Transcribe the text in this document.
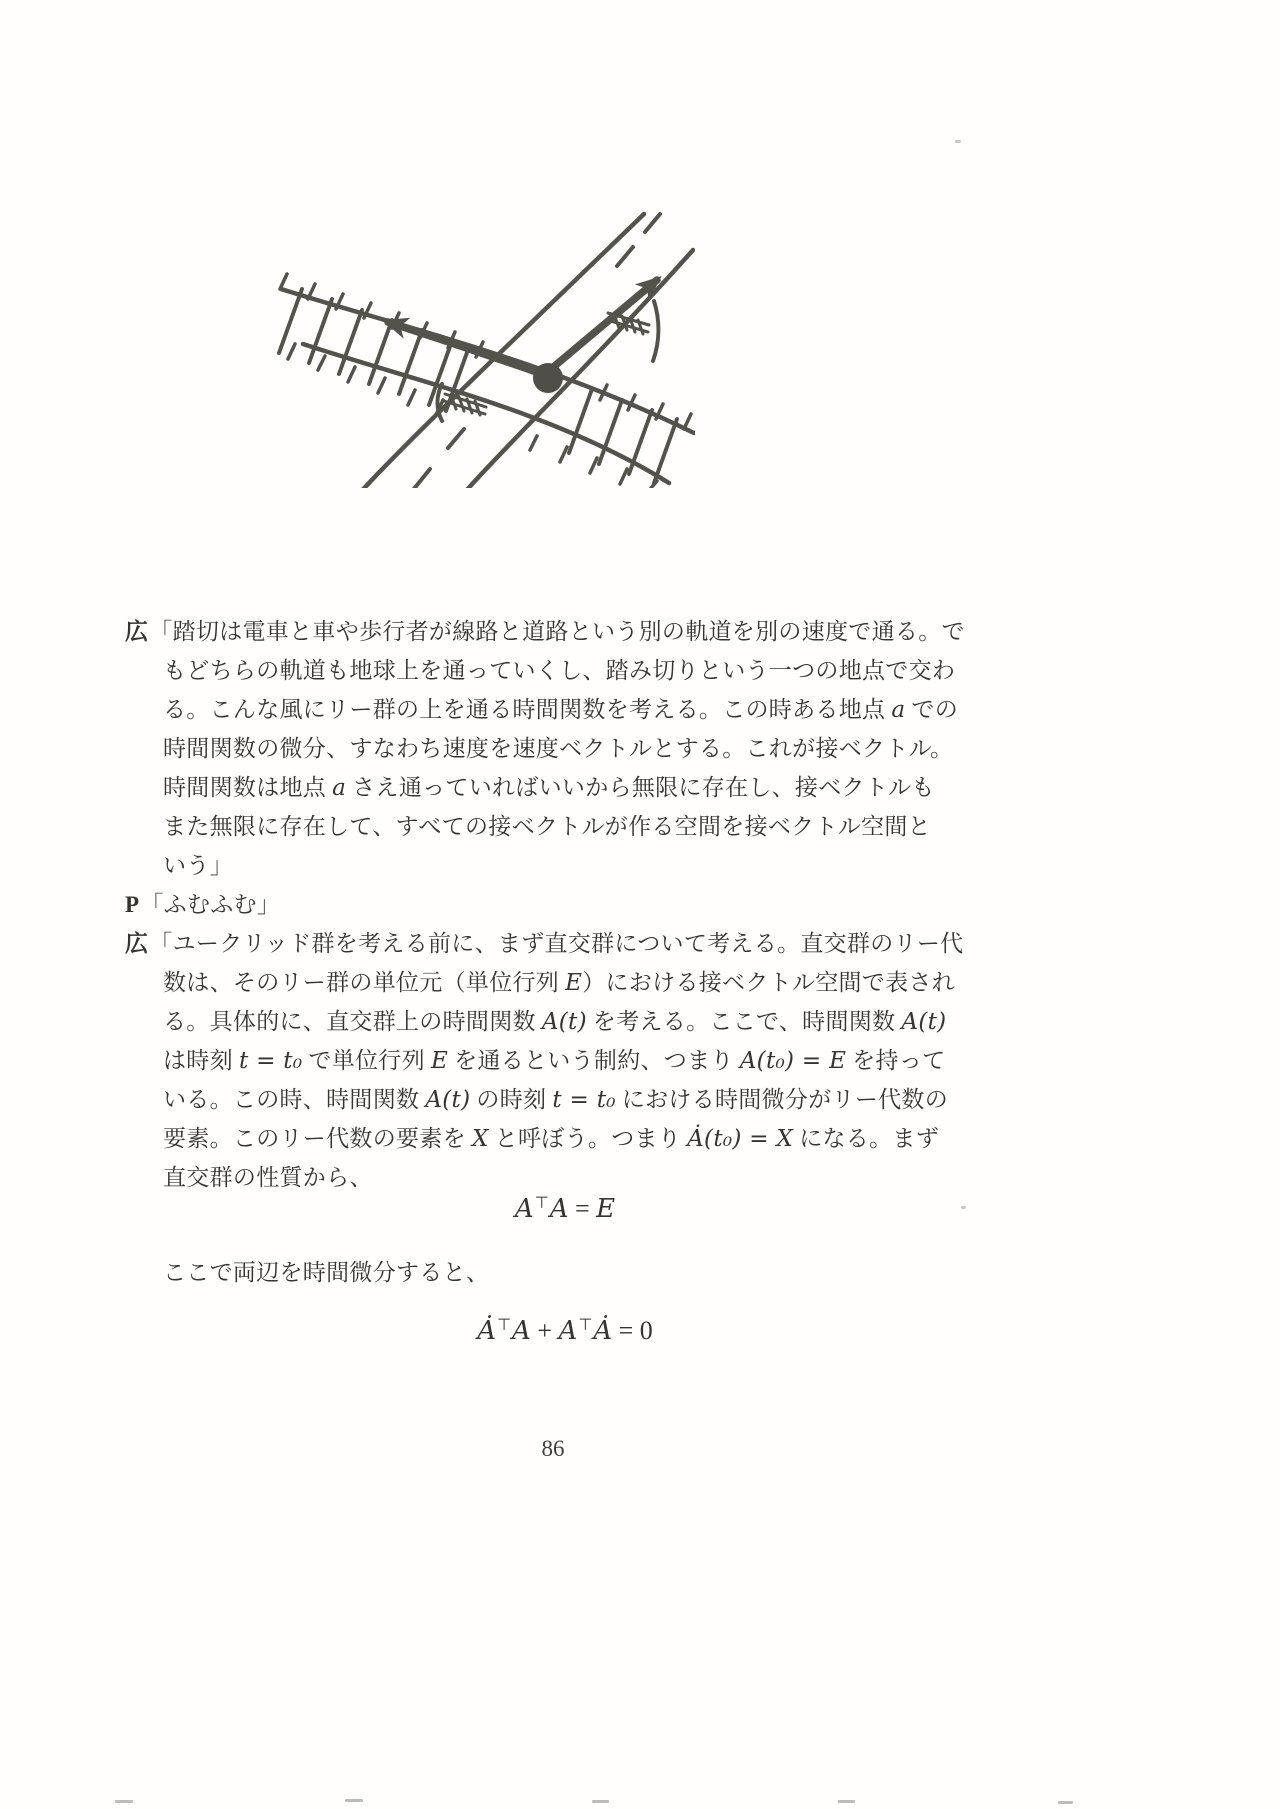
広「踏切は電車と車や歩行者が線路と道路という別の軌道を別の速度で通る。で
もどちらの軌道も地球上を通っていくし、踏み切りという一つの地点で交わ
る。こんな風にリー群の上を通る時間関数を考える。この時ある地点 a での
時間関数の微分、すなわち速度を速度ベクトルとする。これが接ベクトル。
時間関数は地点 a さえ通っていればいいから無限に存在し、接ベクトルも
また無限に存在して、すべての接ベクトルが作る空間を接ベクトル空間と
いう」
P「ふむふむ」
広「ユークリッド群を考える前に、まず直交群について考える。直交群のリー代
数は、そのリー群の単位元（単位行列 E）における接ベクトル空間で表され
る。具体的に、直交群上の時間関数 A(t) を考える。ここで、時間関数 A(t)
は時刻 t = t₀ で単位行列 E を通るという制約、つまり A(t₀) = E を持って
いる。この時、時間関数 A(t) の時刻 t = t₀ における時間微分がリー代数の
要素。このリー代数の要素を X と呼ぼう。つまり Ȧ(t₀) = X になる。まず
直交群の性質から、
A⊤A = E
ここで両辺を時間微分すると、
Ȧ⊤A + A⊤Ȧ = 0
86
